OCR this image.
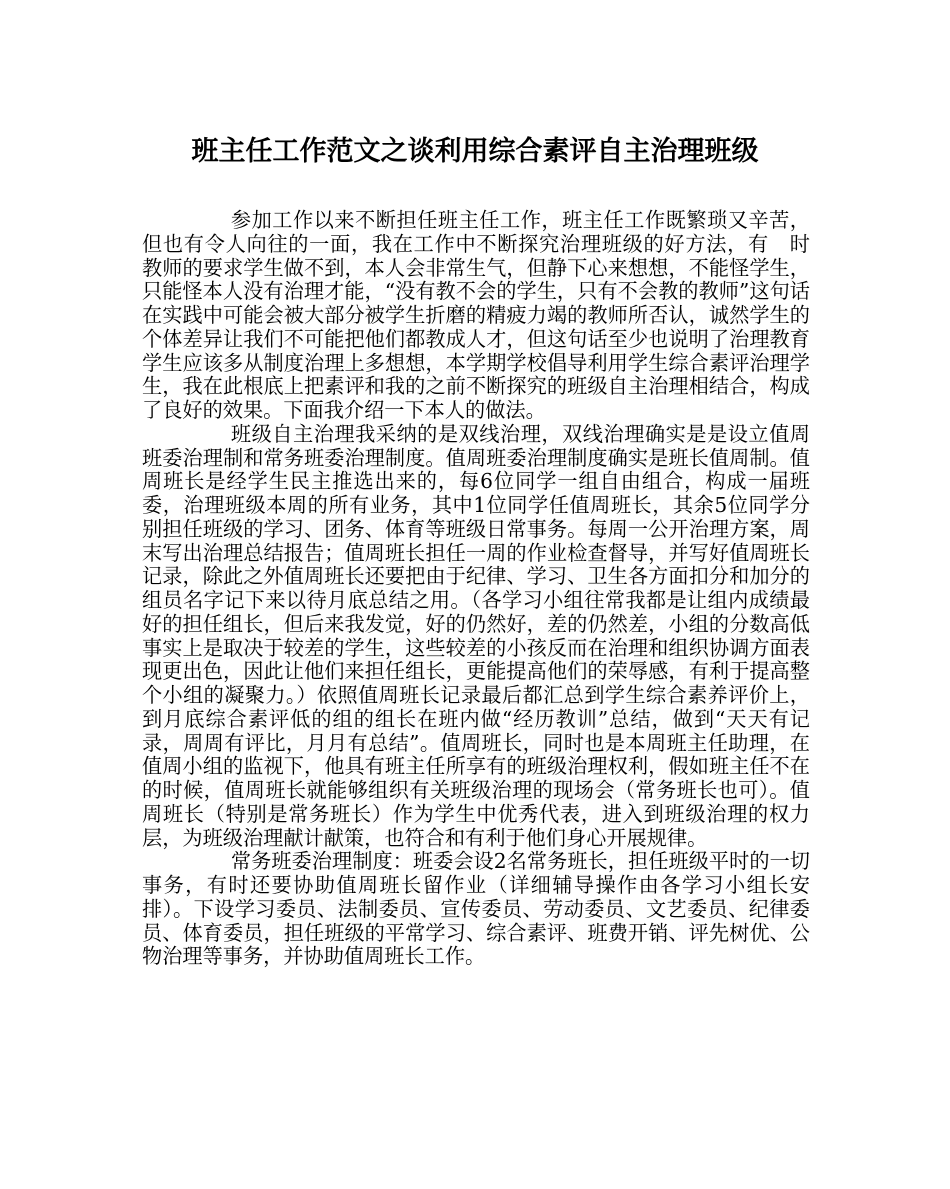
班主任工作范文之谈利用综合素评自主治理班级

参加工作以来不断担任班主任工作，班主任工作既繁琐又辛苦，但也有令人向往的一面，我在工作中不断探究治理班级的好方法，有　时　教师的要求学生做不到，本人会非常生气，但静下心来想想，不能怪学生，只能怪本人没有治理才能，“没有教不会的学生，只有不会教的教师”这句话在实践中可能会被大部分被学生折磨的精疲力竭的教师所否认，诚然学生的个体差异让我们不可能把他们都教成人才，但这句话至少也说明了治理教育学生应该多从制度治理上多想想，本学期学校倡导利用学生综合素评治理学生，我在此根底上把素评和我的之前不断探究的班级自主治理相结合，构成了良好的效果。下面我介绍一下本人的做法。

班级自主治理我采纳的是双线治理，双线治理确实是是设立值周班委治理制和常务班委治理制度。值周班委治理制度确实是班长值周制。值周班长是经学生民主推选出来的，每6位同学一组自由组合，构成一届班委，治理班级本周的所有业务，其中1位同学任值周班长，其余5位同学分别担任班级的学习、团务、体育等班级日常事务。每周一公开治理方案，周末写出治理总结报告；值周班长担任一周的作业检查督导，并写好值周班长记录，除此之外值周班长还要把由于纪律、学习、卫生各方面扣分和加分的组员名字记下来以待月底总结之用。（各学习小组往常我都是让组内成绩最好的担任组长，但后来我发觉，好的仍然好，差的仍然差，小组的分数高低事实上是取决于较差的学生，这些较差的小孩反而在治理和组织协调方面表现更出色，因此让他们来担任组长，更能提高他们的荣辱感，有利于提高整个小组的凝聚力。）依照值周班长记录最后都汇总到学生综合素养评价上，到月底综合素评低的组的组长在班内做“经历教训”总结，做到“天天有记录，周周有评比，月月有总结”。值周班长，同时也是本周班主任助理，在值周小组的监视下，他具有班主任所享有的班级治理权利，假如班主任不在的时候，值周班长就能够组织有关班级治理的现场会（常务班长也可）。值周班长（特别是常务班长）作为学生中优秀代表，进入到班级治理的权力层，为班级治理献计献策，也符合和有利于他们身心开展规律。

常务班委治理制度：班委会设2名常务班长，担任班级平时的一切事务，有时还要协助值周班长留作业（详细辅导操作由各学习小组长安排）。下设学习委员、法制委员、宣传委员、劳动委员、文艺委员、纪律委员、体育委员，担任班级的平常学习、综合素评、班费开销、评先树优、公物治理等事务，并协助值周班长工作。
